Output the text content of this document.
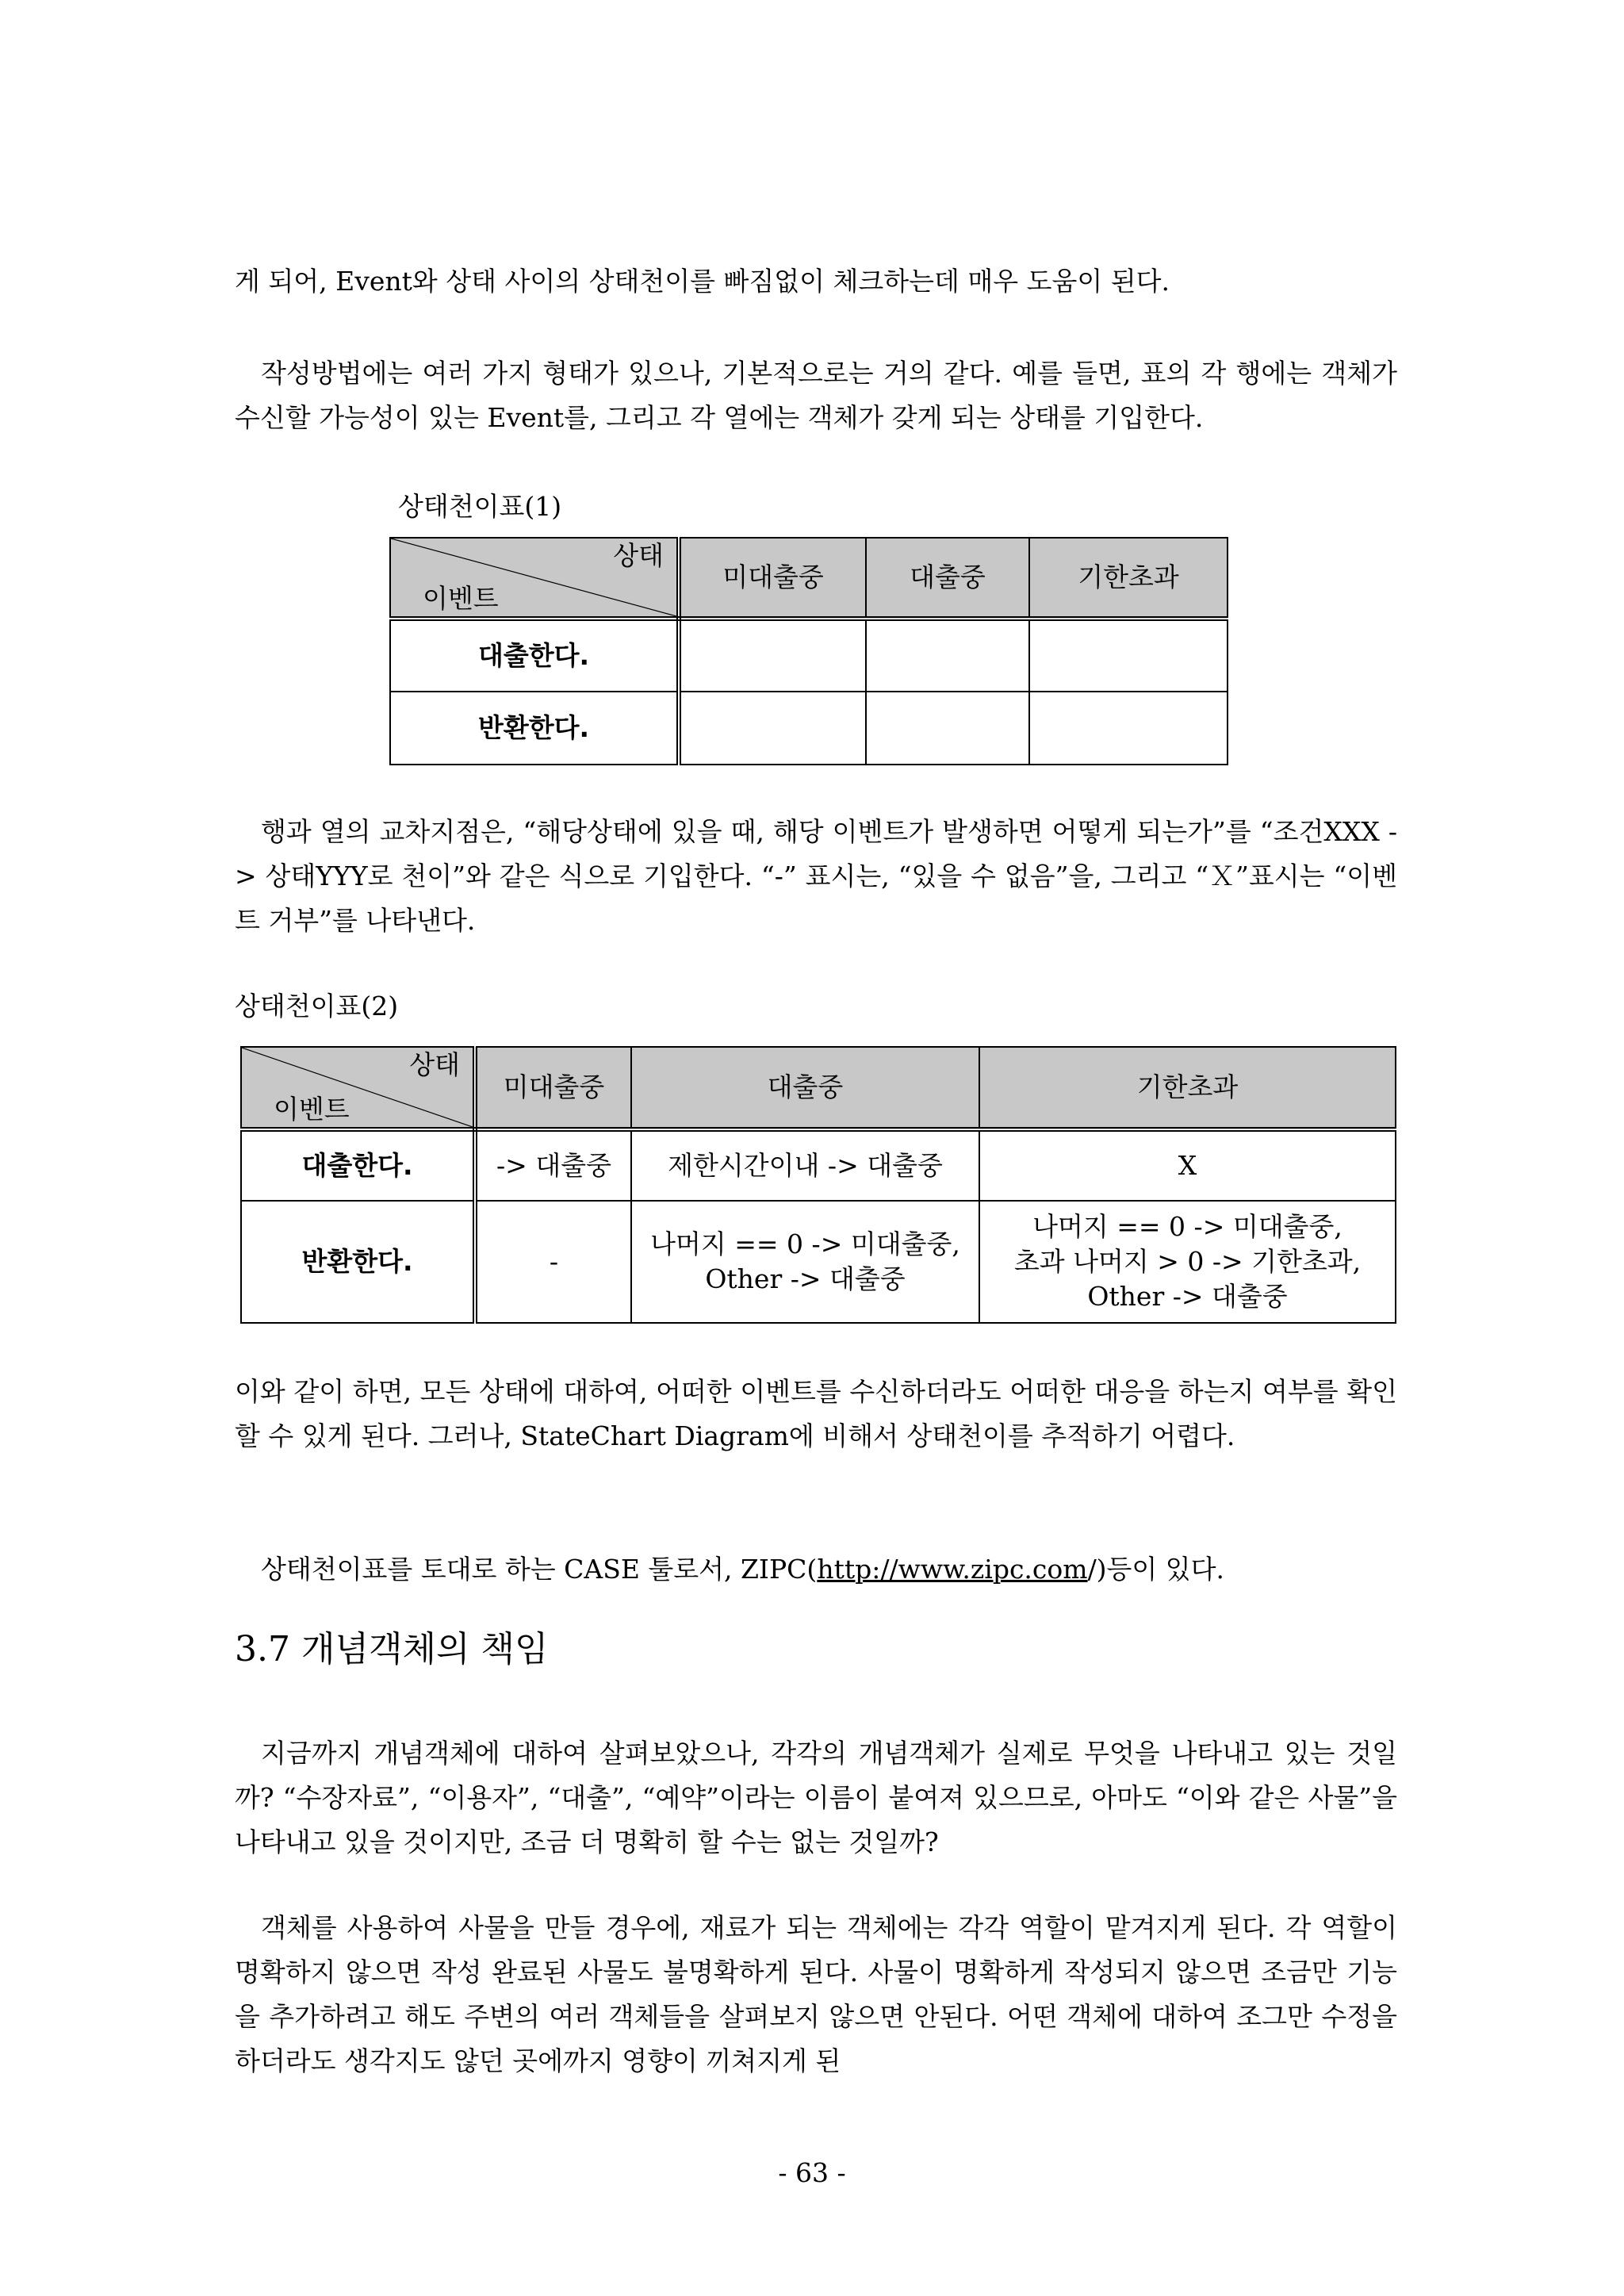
게 되어, Event와 상태 사이의 상태천이를 빠짐없이 체크하는데 매우 도움이 된다.

작성방법에는 여러 가지 형태가 있으나, 기본적으로는 거의 같다. 예를 들면, 표의 각 행에는 객체가 수신할 가능성이 있는 Event를, 그리고 각 열에는 객체가 갖게 되는 상태를 기입한다.

상태천이표(1)

상태
이벤트	미대출중	대출중	기한초과
대출한다.			
반환한다.			

행과 열의 교차지점은, “해당상태에 있을 때, 해당 이벤트가 발생하면 어떻게 되는가”를 “조건XXX -> 상태YYY로 천이”와 같은 식으로 기입한다. “-” 표시는, “있을 수 없음”을, 그리고 “Ｘ”표시는 “이벤트 거부”를 나타낸다.

상태천이표(2)

상태
이벤트	미대출중	대출중	기한초과
대출한다.	-> 대출중	제한시간이내 -> 대출중	X
반환한다.	-	나머지 == 0 -> 미대출중,
Other -> 대출중	나머지 == 0 -> 미대출중,
초과 나머지 > 0 -> 기한초과,
Other -> 대출중

이와 같이 하면, 모든 상태에 대하여, 어떠한 이벤트를 수신하더라도 어떠한 대응을 하는지 여부를 확인할 수 있게 된다. 그러나, StateChart Diagram에 비해서 상태천이를 추적하기 어렵다.

상태천이표를 토대로 하는 CASE 툴로서, ZIPC(http://www.zipc.com/)등이 있다.

3.7 개념객체의 책임

지금까지 개념객체에 대하여 살펴보았으나, 각각의 개념객체가 실제로 무엇을 나타내고 있는 것일까? “수장자료”, “이용자”, “대출”, “예약”이라는 이름이 붙여져 있으므로, 아마도 “이와 같은 사물”을 나타내고 있을 것이지만, 조금 더 명확히 할 수는 없는 것일까?

객체를 사용하여 사물을 만들 경우에, 재료가 되는 객체에는 각각 역할이 맡겨지게 된다. 각 역할이 명확하지 않으면 작성 완료된 사물도 불명확하게 된다. 사물이 명확하게 작성되지 않으면 조금만 기능을 추가하려고 해도 주변의 여러 객체들을 살펴보지 않으면 안된다. 어떤 객체에 대하여 조그만 수정을 하더라도 생각지도 않던 곳에까지 영향이 끼쳐지게 된

- 63 -
